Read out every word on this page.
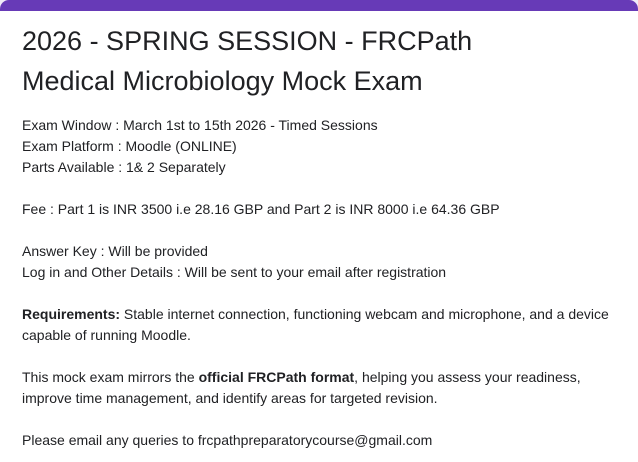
2026 - SPRING SESSION - FRCPath
Medical Microbiology Mock Exam

Exam Window : March 1st to 15th 2026 - Timed Sessions
Exam Platform : Moodle (ONLINE)
Parts Available : 1& 2 Separately

Fee : Part 1 is INR 3500 i.e 28.16 GBP and Part 2 is INR 8000 i.e 64.36 GBP

Answer Key : Will be provided
Log in and Other Details : Will be sent to your email after registration

Requirements: Stable internet connection, functioning webcam and microphone, and a device capable of running Moodle.

This mock exam mirrors the official FRCPath format, helping you assess your readiness, improve time management, and identify areas for targeted revision.

Please email any queries to frcpathpreparatorycourse@gmail.com
